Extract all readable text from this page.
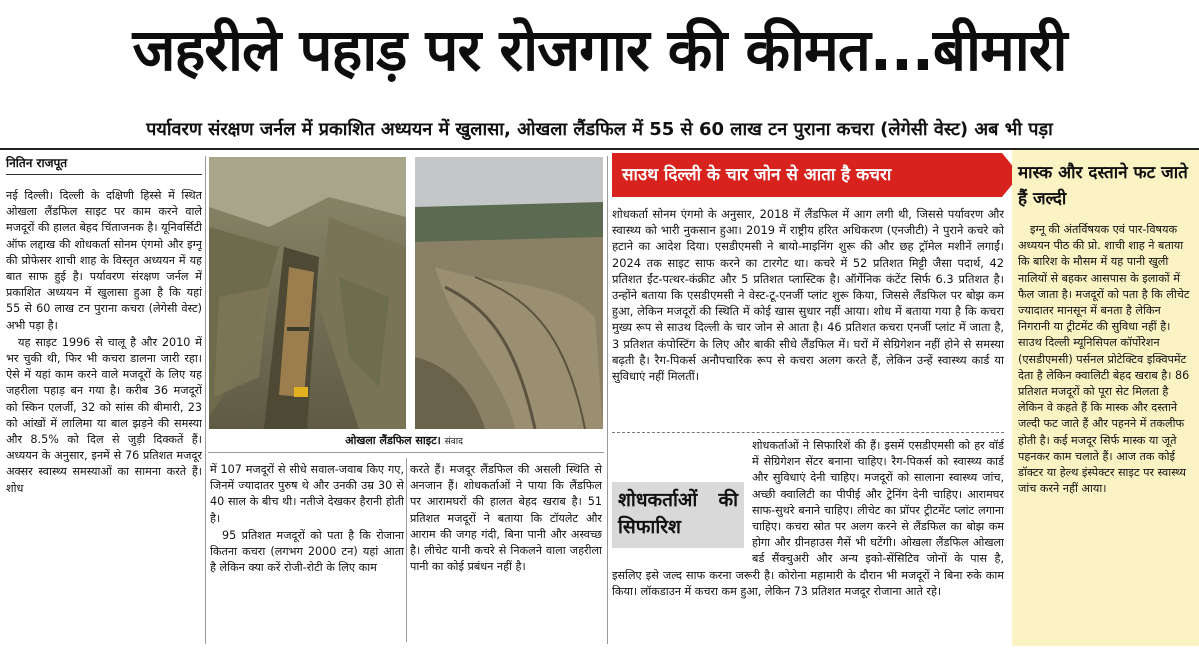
जहरीले पहाड़ पर रोजगार की कीमत...बीमारी
पर्यावरण संरक्षण जर्नल में प्रकाशित अध्ययन में खुलासा, ओखला लैंडफिल में 55 से 60 लाख टन पुराना कचरा (लेगेसी वेस्ट) अब भी पड़ा
नितिन राजपूत

नई दिल्ली। दिल्ली के दक्षिणी हिस्से में स्थित ओखला लैंडफिल साइट पर काम करने वाले मजदूरों की हालत बेहद चिंताजनक है। यूनिवर्सिटी ऑफ लद्दाख की शोधकर्ता सोनम एंगमो और इग्नू की प्रोफेसर शाची शाह के विस्तृत अध्ययन में यह बात साफ हुई है। पर्यावरण संरक्षण जर्नल में प्रकाशित अध्ययन में खुलासा हुआ है कि यहां 55 से 60 लाख टन पुराना कचरा (लेगेसी वेस्ट) अभी पड़ा है।

यह साइट 1996 से चालू है और 2010 में भर चुकी थी, फिर भी कचरा डालना जारी रहा। ऐसे में यहां काम करने वाले मजदूरों के लिए यह जहरीला पहाड़ बन गया है। करीब 36 मजदूरों को स्किन एलर्जी, 32 को सांस की बीमारी, 23 को आंखों में लालिमा या बाल झड़ने की समस्या और 8.5% को दिल से जुड़ी दिक्कतें हैं। अध्ययन के अनुसार, इनमें से 76 प्रतिशत मजदूर अक्सर स्वास्थ्य समस्याओं का सामना करते हैं। शोध

ओखला लैंडफिल साइट। संवाद

में 107 मजदूरों से सीधे सवाल-जवाब किए गए, जिनमें ज्यादातर पुरुष थे और उनकी उम्र 30 से 40 साल के बीच थी। नतीजे देखकर हैरानी होती है।

95 प्रतिशत मजदूरों को पता है कि रोजाना कितना कचरा (लगभग 2000 टन) यहां आता है लेकिन क्या करें रोजी-रोटी के लिए काम

करते हैं। मजदूर लैंडफिल की असली स्थिति से अनजान हैं। शोधकर्ताओं ने पाया कि लैंडफिल पर आरामघरों की हालत बेहद खराब है। 51 प्रतिशत मजदूरों ने बताया कि टॉयलेट और आराम की जगह गंदी, बिना पानी और अस्वच्छ है। लीचेट यानी कचरे से निकलने वाला जहरीला पानी का कोई प्रबंधन नहीं है।

साउथ दिल्ली के चार जोन से आता है कचरा

शोधकर्ता सोनम एंगमो के अनुसार, 2018 में लैंडफिल में आग लगी थी, जिससे पर्यावरण और स्वास्थ्य को भारी नुकसान हुआ। 2019 में राष्ट्रीय हरित अधिकरण (एनजीटी) ने पुराने कचरे को हटाने का आदेश दिया। एसडीएमसी ने बायो-माइनिंग शुरू की और छह ट्रॉमेल मशीनें लगाईं। 2024 तक साइट साफ करने का टारगेट था। कचरे में 52 प्रतिशत मिट्टी जैसा पदार्थ, 42 प्रतिशत ईंट-पत्थर-कंक्रीट और 5 प्रतिशत प्लास्टिक है। ऑर्गेनिक कंटेंट सिर्फ 6.3 प्रतिशत है। उन्होंने बताया कि एसडीएमसी ने वेस्ट-टू-एनर्जी प्लांट शुरू किया, जिससे लैंडफिल पर बोझ कम हुआ, लेकिन मजदूरों की स्थिति में कोई खास सुधार नहीं आया। शोध में बताया गया है कि कचरा मुख्य रूप से साउथ दिल्ली के चार जोन से आता है। 46 प्रतिशत कचरा एनर्जी प्लांट में जाता है, 3 प्रतिशत कंपोस्टिंग के लिए और बाकी सीधे लैंडफिल में। घरों में सेग्रिगेशन नहीं होने से समस्या बढ़ती है। रैग-पिकर्स अनौपचारिक रूप से कचरा अलग करते हैं, लेकिन उन्हें स्वास्थ्य कार्ड या सुविधाएं नहीं मिलतीं।

शोधकर्ताओं की सिफारिश
शोधकर्ताओं ने सिफारिशें की हैं। इसमें एसडीएमसी को हर वॉर्ड में सेग्रिगेशन सेंटर बनाना चाहिए। रैग-पिकर्स को स्वास्थ्य कार्ड और सुविधाएं देनी चाहिए। मजदूरों को सालाना स्वास्थ्य जांच, अच्छी क्वालिटी का पीपीई और ट्रेनिंग देनी चाहिए। आरामघर साफ-सुथरे बनाने चाहिए। लीचेट का प्रॉपर ट्रीटमेंट प्लांट लगाना चाहिए। कचरा स्रोत पर अलग करने से लैंडफिल का बोझ कम होगा और ग्रीनहाउस गैसें भी घटेंगी। ओखला लैंडफिल ओखला बर्ड सैंक्चुअरी और अन्य इको-सेंसिटिव जोनों के पास है, इसलिए इसे जल्द साफ करना जरूरी है। कोरोना महामारी के दौरान भी मजदूरों ने बिना रुके काम किया। लॉकडाउन में कचरा कम हुआ, लेकिन 73 प्रतिशत मजदूर रोजाना आते रहे।
मास्क और दस्ताने फट जाते हैं जल्दी

इग्नू की अंतर्विषयक एवं पार-विषयक अध्ययन पीठ की प्रो. शाची शाह ने बताया कि बारिश के मौसम में यह पानी खुली नालियों से बहकर आसपास के इलाकों में फैल जाता है। मजदूरों को पता है कि लीचेट ज्यादातर मानसून में बनता है लेकिन निगरानी या ट्रीटमेंट की सुविधा नहीं है। साउथ दिल्ली म्यूनिसिपल कॉर्पोरेशन (एसडीएमसी) पर्सनल प्रोटेक्टिव इक्विपमेंट देता है लेकिन क्वालिटी बेहद खराब है। 86 प्रतिशत मजदूरों को पूरा सेट मिलता है लेकिन वे कहते हैं कि मास्क और दस्ताने जल्दी फट जाते हैं और पहनने में तकलीफ होती है। कई मजदूर सिर्फ मास्क या जूते पहनकर काम चलाते हैं। आज तक कोई डॉक्टर या हेल्थ इंस्पेक्टर साइट पर स्वास्थ्य जांच करने नहीं आया।
